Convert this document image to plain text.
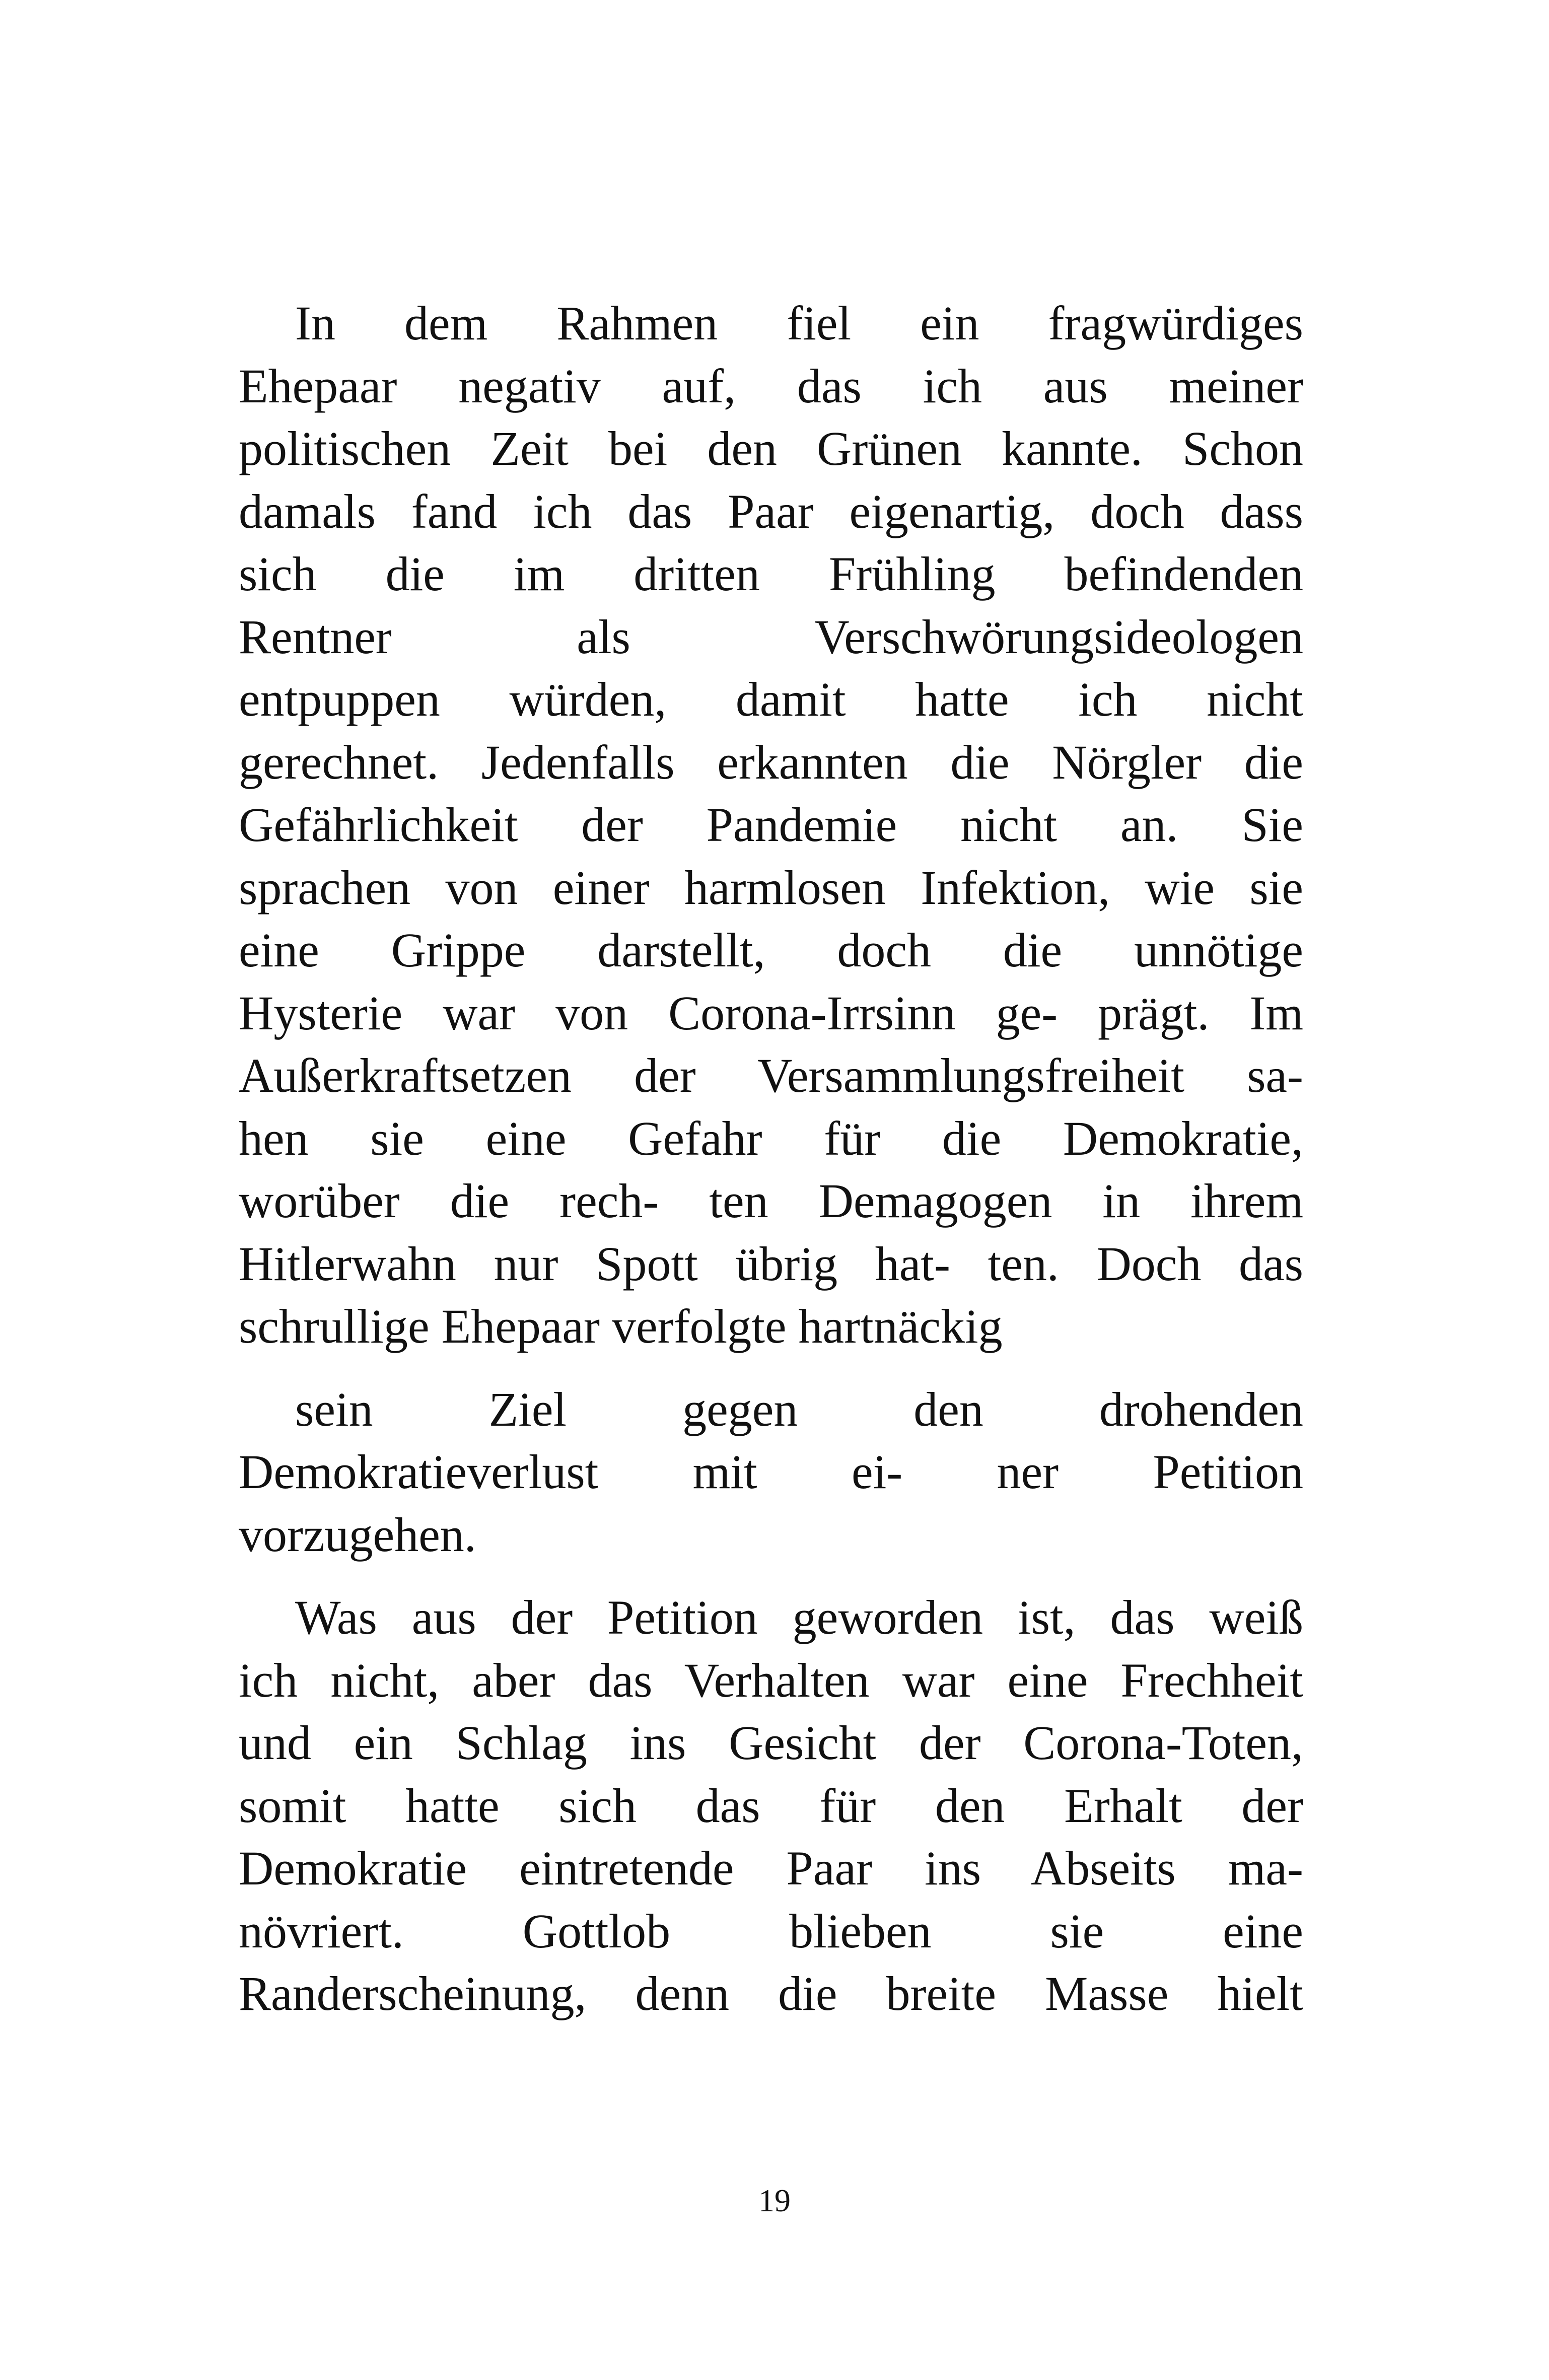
In dem Rahmen fiel ein fragwürdiges
Ehepaar negativ auf, das ich aus meiner
politischen Zeit bei den Grünen kannte. Schon
damals fand ich das Paar eigenartig, doch dass
sich die im dritten Frühling befindenden
Rentner als Verschwörungsideologen
entpuppen würden, damit hatte ich nicht
gerechnet. Jedenfalls erkannten die Nörgler die
Gefährlichkeit der Pandemie nicht an. Sie
sprachen von einer harmlosen Infektion, wie sie
eine Grippe darstellt, doch die unnötige
Hysterie war von Corona-Irrsinn ge- prägt. Im
Außerkraftsetzen der Versammlungsfreiheit sa-
hen sie eine Gefahr für die Demokratie,
worüber die rech- ten Demagogen in ihrem
Hitlerwahn nur Spott übrig hat- ten. Doch das
schrullige Ehepaar verfolgte hartnäckig
sein Ziel gegen den drohenden
Demokratieverlust mit ei- ner Petition
vorzugehen.
Was aus der Petition geworden ist, das weiß
ich nicht, aber das Verhalten war eine Frechheit
und ein Schlag ins Gesicht der Corona-Toten,
somit hatte sich das für den Erhalt der
Demokratie eintretende Paar ins Abseits ma-
növriert. Gottlob blieben sie eine
Randerscheinung, denn die breite Masse hielt
19
